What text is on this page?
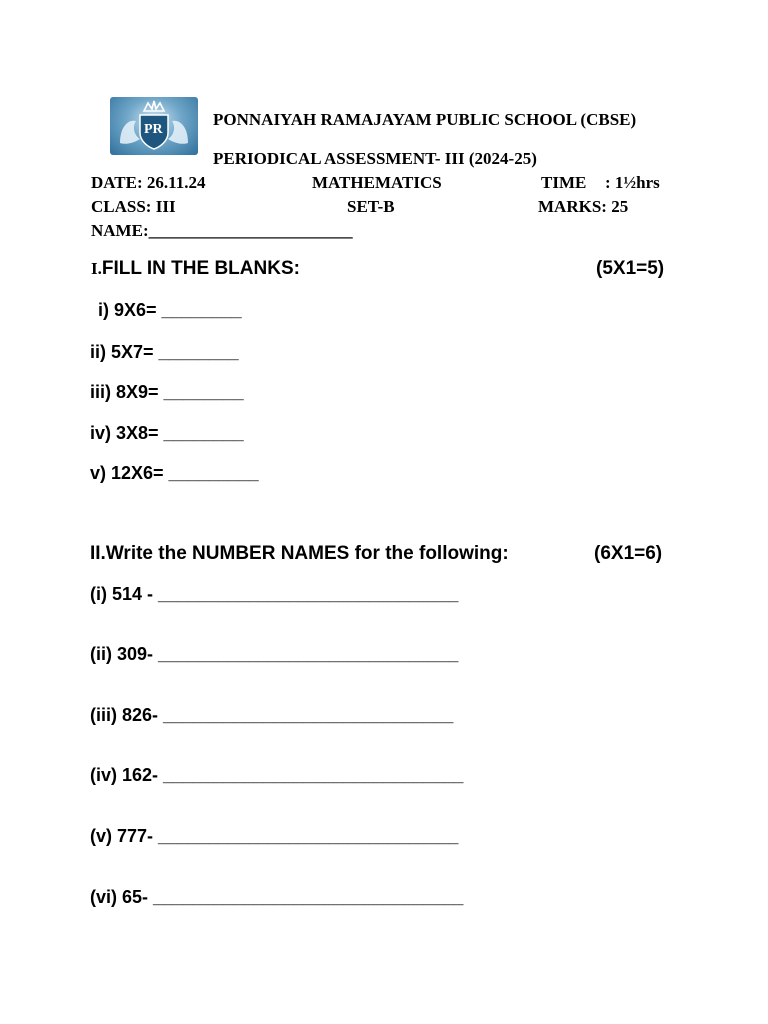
PR
PONNAIYAH RAMAJAYAM PUBLIC SCHOOL (CBSE)
PERIODICAL ASSESSMENT- III (2024-25)
DATE: 26.11.24	MATHEMATICS	TIME : 1½hrs
CLASS: III	SET-B	MARKS: 25
NAME:________________________
I.FILL IN THE BLANKS:	(5X1=5)
i) 9X6= ________
ii) 5X7= ________
iii) 8X9= ________
iv) 3X8= ________
v) 12X6= _________
II.Write the NUMBER NAMES for the following:	(6X1=6)
(i) 514 - ______________________________
(ii) 309- ______________________________
(iii) 826- _____________________________
(iv) 162- ______________________________
(v) 777- ______________________________
(vi) 65- _______________________________
